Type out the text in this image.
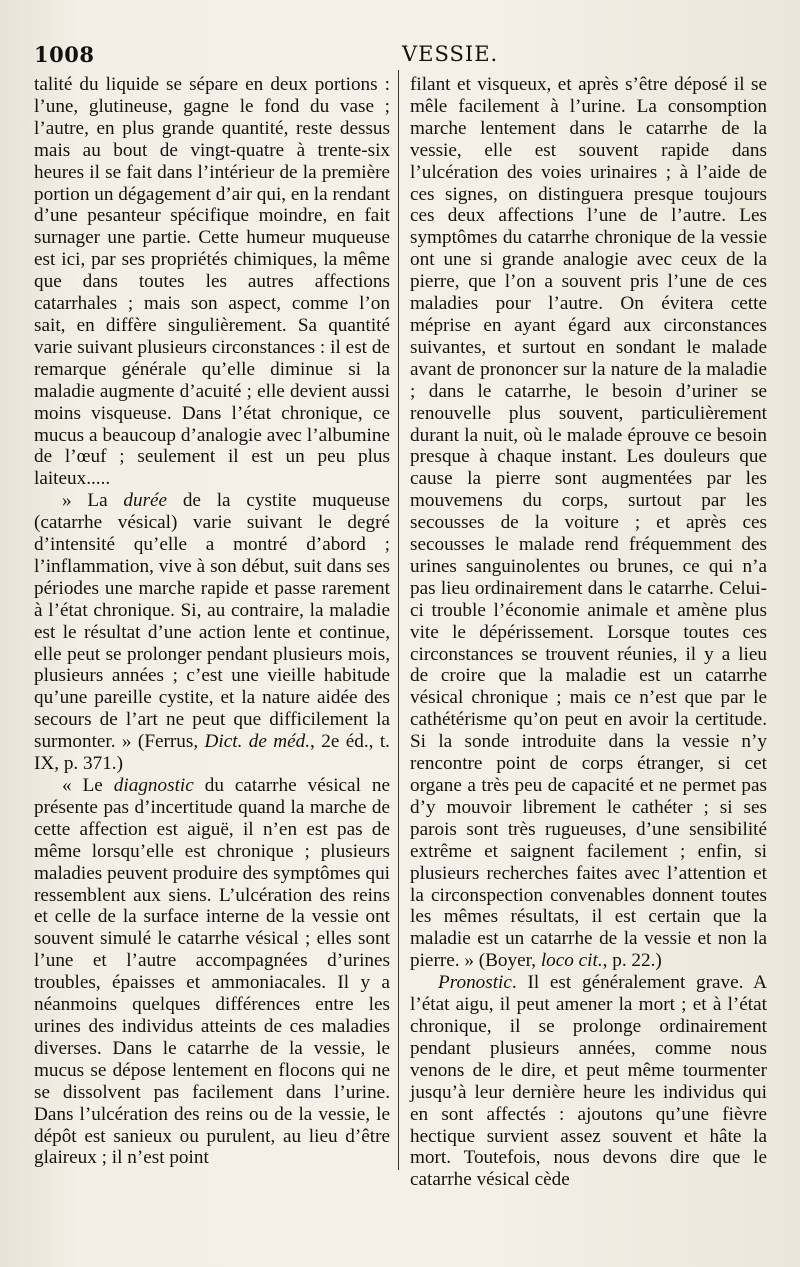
1008	VESSIE.

talité du liquide se sépare en deux portions : l’une, glutineuse, gagne le fond du vase ; l’autre, en plus grande quantité, reste dessus mais au bout de vingt-quatre à trente-six heures il se fait dans l’intérieur de la première portion un dégagement d’air qui, en la rendant d’une pesanteur spécifique moindre, en fait surnager une partie. Cette humeur muqueuse est ici, par ses propriétés chimiques, la même que dans toutes les autres affections catarrhales ; mais son aspect, comme l’on sait, en diffère singulièrement. Sa quantité varie suivant plusieurs circonstances : il est de remarque générale qu’elle diminue si la maladie augmente d’acuité ; elle devient aussi moins visqueuse. Dans l’état chronique, ce mucus a beaucoup d’analogie avec l’albumine de l’œuf ; seulement il est un peu plus laiteux.....

» La durée de la cystite muqueuse (catarrhe vésical) varie suivant le degré d’intensité qu’elle a montré d’abord ; l’inflammation, vive à son début, suit dans ses périodes une marche rapide et passe rarement à l’état chronique. Si, au contraire, la maladie est le résultat d’une action lente et continue, elle peut se prolonger pendant plusieurs mois, plusieurs années ; c’est une vieille habitude qu’une pareille cystite, et la nature aidée des secours de l’art ne peut que difficilement la surmonter. » (Ferrus, Dict. de méd., 2e éd., t. IX, p. 371.)

« Le diagnostic du catarrhe vésical ne présente pas d’incertitude quand la marche de cette affection est aiguë, il n’en est pas de même lorsqu’elle est chronique ; plusieurs maladies peuvent produire des symptômes qui ressemblent aux siens. L’ulcération des reins et celle de la surface interne de la vessie ont souvent simulé le catarrhe vésical ; elles sont l’une et l’autre accompagnées d’urines troubles, épaisses et ammoniacales. Il y a néanmoins quelques différences entre les urines des individus atteints de ces maladies diverses. Dans le catarrhe de la vessie, le mucus se dépose lentement en flocons qui ne se dissolvent pas facilement dans l’urine. Dans l’ulcération des reins ou de la vessie, le dépôt est sanieux ou purulent, au lieu d’être glaireux ; il n’est point

filant et visqueux, et après s’être déposé il se mêle facilement à l’urine. La consomption marche lentement dans le catarrhe de la vessie, elle est souvent rapide dans l’ulcération des voies urinaires ; à l’aide de ces signes, on distinguera presque toujours ces deux affections l’une de l’autre. Les symptômes du catarrhe chronique de la vessie ont une si grande analogie avec ceux de la pierre, que l’on a souvent pris l’une de ces maladies pour l’autre. On évitera cette méprise en ayant égard aux circonstances suivantes, et surtout en sondant le malade avant de prononcer sur la nature de la maladie ; dans le catarrhe, le besoin d’uriner se renouvelle plus souvent, particulièrement durant la nuit, où le malade éprouve ce besoin presque à chaque instant. Les douleurs que cause la pierre sont augmentées par les mouvemens du corps, surtout par les secousses de la voiture ; et après ces secousses le malade rend fréquemment des urines sanguinolentes ou brunes, ce qui n’a pas lieu ordinairement dans le catarrhe. Celui-ci trouble l’économie animale et amène plus vite le dépérissement. Lorsque toutes ces circonstances se trouvent réunies, il y a lieu de croire que la maladie est un catarrhe vésical chronique ; mais ce n’est que par le cathétérisme qu’on peut en avoir la certitude. Si la sonde introduite dans la vessie n’y rencontre point de corps étranger, si cet organe a très peu de capacité et ne permet pas d’y mouvoir librement le cathéter ; si ses parois sont très rugueuses, d’une sensibilité extrême et saignent facilement ; enfin, si plusieurs recherches faites avec l’attention et la circonspection convenables donnent toutes les mêmes résultats, il est certain que la maladie est un catarrhe de la vessie et non la pierre. » (Boyer, loco cit., p. 22.)

Pronostic. Il est généralement grave. A l’état aigu, il peut amener la mort ; et à l’état chronique, il se prolonge ordinairement pendant plusieurs années, comme nous venons de le dire, et peut même tourmenter jusqu’à leur dernière heure les individus qui en sont affectés : ajoutons qu’une fièvre hectique survient assez souvent et hâte la mort. Toutefois, nous devons dire que le catarrhe vésical cède
